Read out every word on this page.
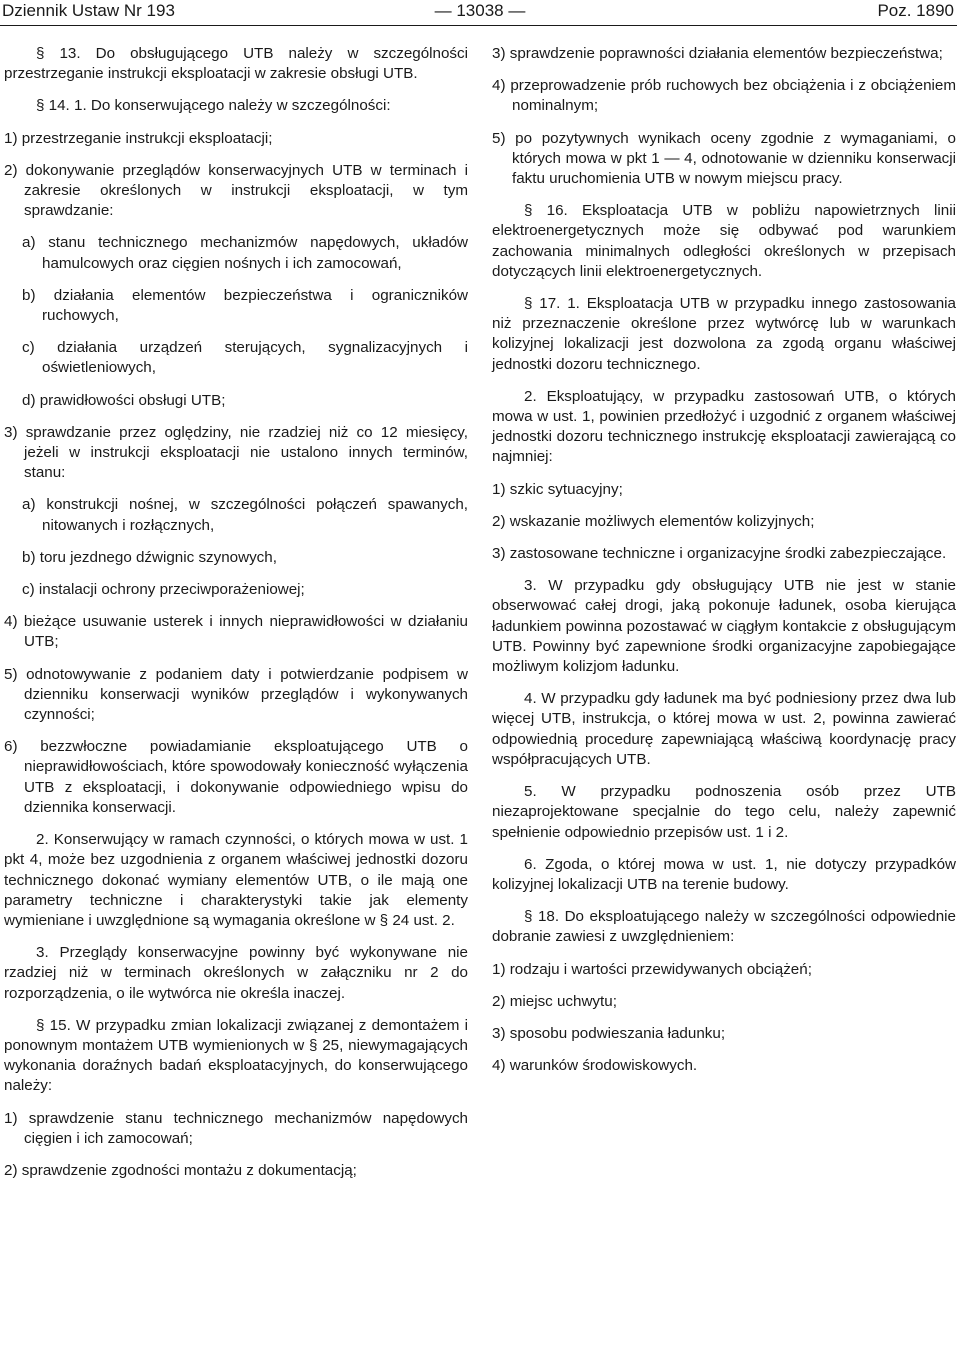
Dziennik Ustaw Nr 193	— 13038 —	Poz. 1890
§ 13. Do obsługującego UTB należy w szczególności przestrzeganie instrukcji eksploatacji w zakresie obsługi UTB.
§ 14. 1. Do konserwującego należy w szczególności:
1) przestrzeganie instrukcji eksploatacji;
2) dokonywanie przeglądów konserwacyjnych UTB w terminach i zakresie określonych w instrukcji eksploatacji, w tym sprawdzanie:
a) stanu technicznego mechanizmów napędowych, układów hamulcowych oraz cięgien nośnych i ich zamocowań,
b) działania elementów bezpieczeństwa i ograniczników ruchowych,
c) działania urządzeń sterujących, sygnalizacyjnych i oświetleniowych,
d) prawidłowości obsługi UTB;
3) sprawdzanie przez oględziny, nie rzadziej niż co 12 miesięcy, jeżeli w instrukcji eksploatacji nie ustalono innych terminów, stanu:
a) konstrukcji nośnej, w szczególności połączeń spawanych, nitowanych i rozłącznych,
b) toru jezdnego dźwignic szynowych,
c) instalacji ochrony przeciwporażeniowej;
4) bieżące usuwanie usterek i innych nieprawidłowości w działaniu UTB;
5) odnotowywanie z podaniem daty i potwierdzanie podpisem w dzienniku konserwacji wyników przeglądów i wykonywanych czynności;
6) bezzwłoczne powiadamianie eksploatującego UTB o nieprawidłowościach, które spowodowały konieczność wyłączenia UTB z eksploatacji, i dokonywanie odpowiedniego wpisu do dziennika konserwacji.
2. Konserwujący w ramach czynności, o których mowa w ust. 1 pkt 4, może bez uzgodnienia z organem właściwej jednostki dozoru technicznego dokonać wymiany elementów UTB, o ile mają one parametry techniczne i charakterystyki takie jak elementy wymieniane i uwzględnione są wymagania określone w § 24 ust. 2.
3. Przeglądy konserwacyjne powinny być wykonywane nie rzadziej niż w terminach określonych w załączniku nr 2 do rozporządzenia, o ile wytwórca nie określa inaczej.
§ 15. W przypadku zmian lokalizacji związanej z demontażem i ponownym montażem UTB wymienionych w § 25, niewymagających wykonania doraźnych badań eksploatacyjnych, do konserwującego należy:
1) sprawdzenie stanu technicznego mechanizmów napędowych cięgien i ich zamocowań;
2) sprawdzenie zgodności montażu z dokumentacją;
3) sprawdzenie poprawności działania elementów bezpieczeństwa;
4) przeprowadzenie prób ruchowych bez obciążenia i z obciążeniem nominalnym;
5) po pozytywnych wynikach oceny zgodnie z wymaganiami, o których mowa w pkt 1 — 4, odnotowanie w dzienniku konserwacji faktu uruchomienia UTB w nowym miejscu pracy.
§ 16. Eksploatacja UTB w pobliżu napowietrznych linii elektroenergetycznych może się odbywać pod warunkiem zachowania minimalnych odległości określonych w przepisach dotyczących linii elektroenergetycznych.
§ 17. 1. Eksploatacja UTB w przypadku innego zastosowania niż przeznaczenie określone przez wytwórcę lub w warunkach kolizyjnej lokalizacji jest dozwolona za zgodą organu właściwej jednostki dozoru technicznego.
2. Eksploatujący, w przypadku zastosowań UTB, o których mowa w ust. 1, powinien przedłożyć i uzgodnić z organem właściwej jednostki dozoru technicznego instrukcję eksploatacji zawierającą co najmniej:
1) szkic sytuacyjny;
2) wskazanie możliwych elementów kolizyjnych;
3) zastosowane techniczne i organizacyjne środki zabezpieczające.
3. W przypadku gdy obsługujący UTB nie jest w stanie obserwować całej drogi, jaką pokonuje ładunek, osoba kierująca ładunkiem powinna pozostawać w ciągłym kontakcie z obsługującym UTB. Powinny być zapewnione środki organizacyjne zapobiegające możliwym kolizjom ładunku.
4. W przypadku gdy ładunek ma być podniesiony przez dwa lub więcej UTB, instrukcja, o której mowa w ust. 2, powinna zawierać odpowiednią procedurę zapewniającą właściwą koordynację pracy współpracujących UTB.
5. W przypadku podnoszenia osób przez UTB niezaprojektowane specjalnie do tego celu, należy zapewnić spełnienie odpowiednio przepisów ust. 1 i 2.
6. Zgoda, o której mowa w ust. 1, nie dotyczy przypadków kolizyjnej lokalizacji UTB na terenie budowy.
§ 18. Do eksploatującego należy w szczególności odpowiednie dobranie zawiesi z uwzględnieniem:
1) rodzaju i wartości przewidywanych obciążeń;
2) miejsc uchwytu;
3) sposobu podwieszania ładunku;
4) warunków środowiskowych.
